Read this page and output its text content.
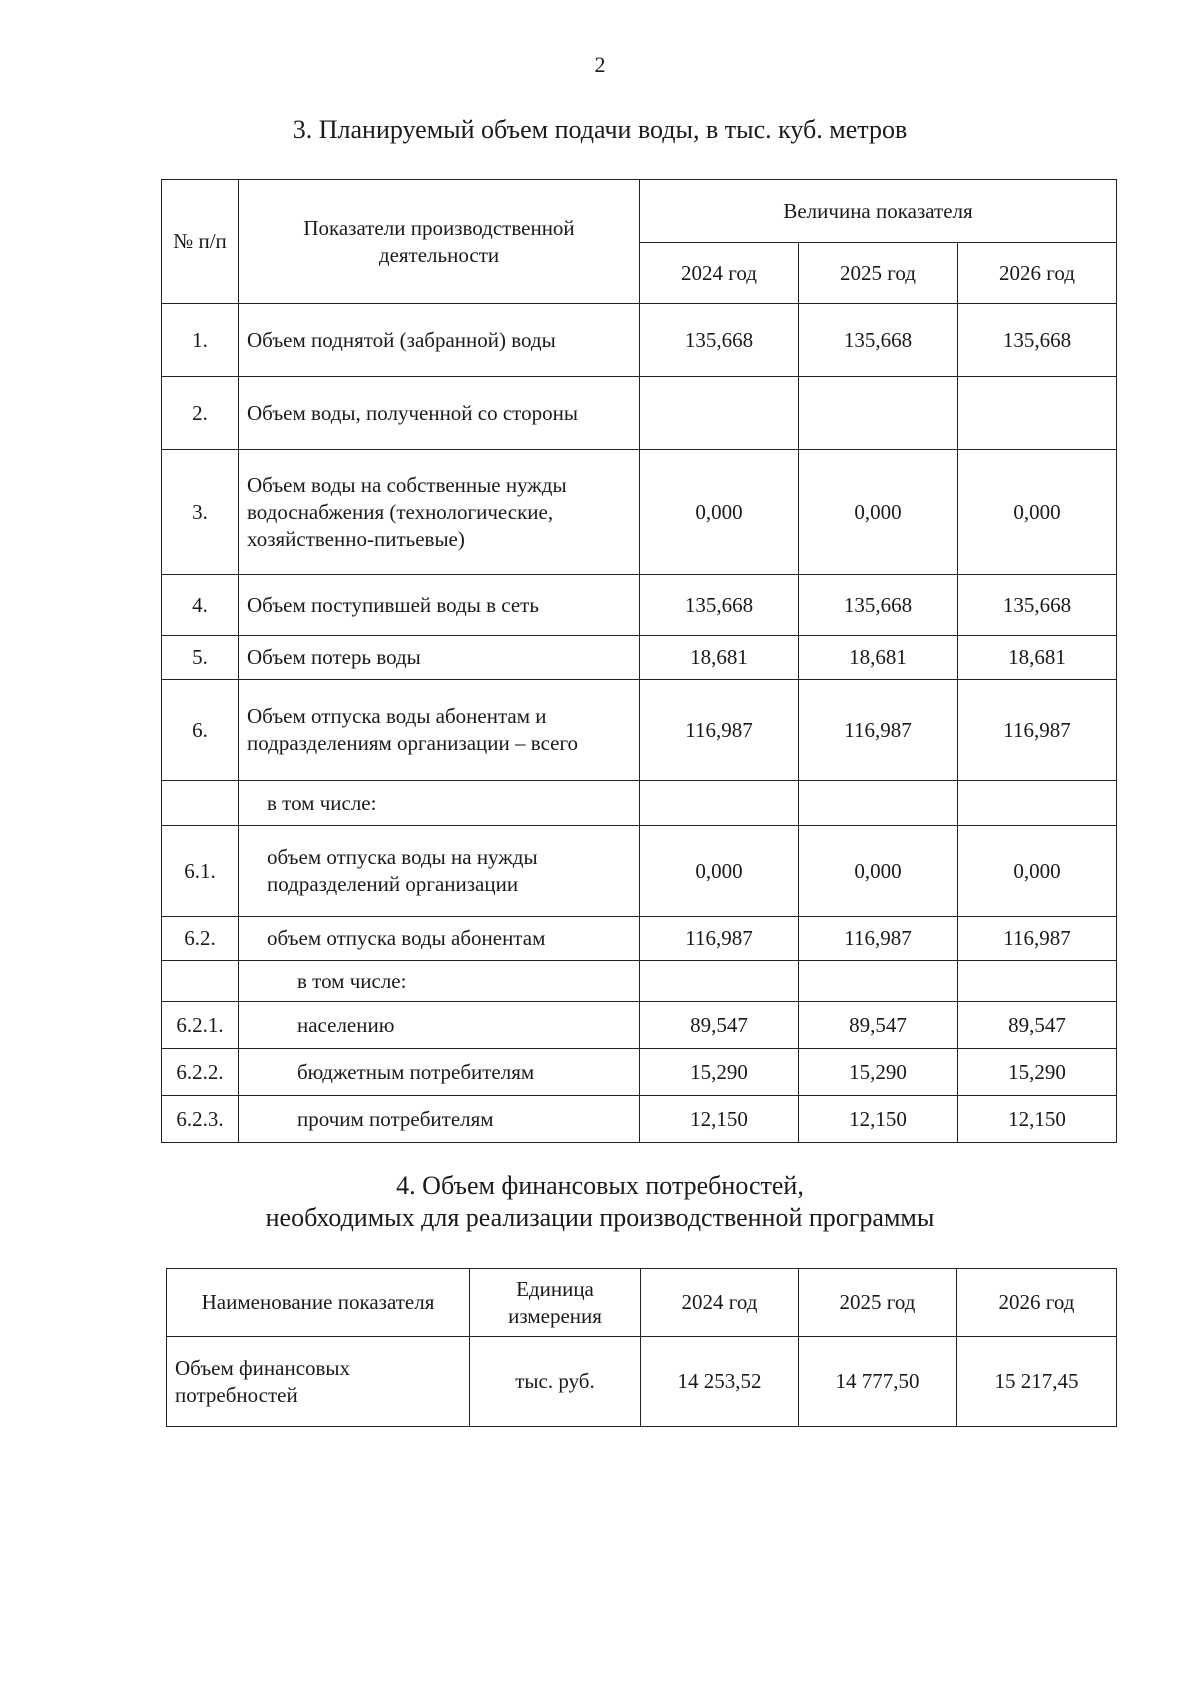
2
3. Планируемый объем подачи воды, в тыс. куб. метров
№ п/п	Показатели производственной деятельности	Величина показателя		
		2024 год	2025 год	2026 год
1.	Объем поднятой (забранной) воды	135,668	135,668	135,668
2.	Объем воды, полученной со стороны			
3.	Объем воды на собственные нужды водоснабжения (технологические, хозяйственно-питьевые)	0,000	0,000	0,000
4.	Объем поступившей воды в сеть	135,668	135,668	135,668
5.	Объем потерь воды	18,681	18,681	18,681
6.	Объем отпуска воды абонентам и подразделениям организации – всего	116,987	116,987	116,987
	в том числе:			
6.1.	объем отпуска воды на нужды подразделений организации	0,000	0,000	0,000
6.2.	объем отпуска воды абонентам	116,987	116,987	116,987
	в том числе:			
6.2.1.	населению	89,547	89,547	89,547
6.2.2.	бюджетным потребителям	15,290	15,290	15,290
6.2.3.	прочим потребителям	12,150	12,150	12,150
4. Объем финансовых потребностей,
необходимых для реализации производственной программы
Наименование показателя	Единица измерения	2024 год	2025 год	2026 год
Объем финансовых потребностей	тыс. руб.	14 253,52	14 777,50	15 217,45
